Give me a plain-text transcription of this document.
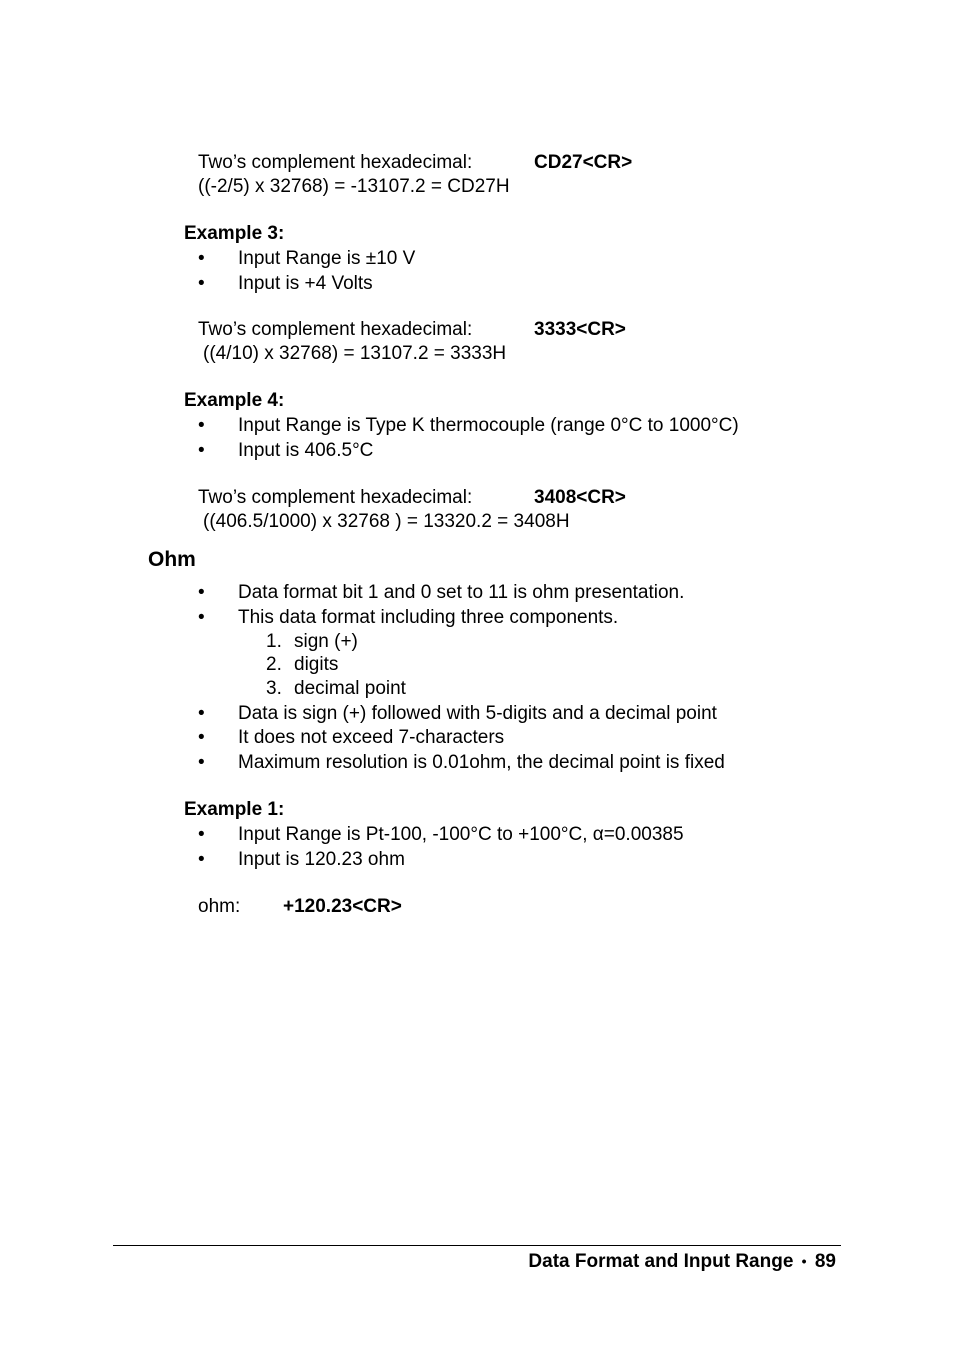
Two’s complement hexadecimal:	CD27<CR>
((-2/5) x 32768) = -13107.2 = CD27H
Example 3:
• Input Range is ±10 V
• Input is +4 Volts
Two’s complement hexadecimal:	3333<CR>
((4/10) x 32768) = 13107.2 = 3333H
Example 4:
• Input Range is Type K thermocouple (range 0°C to 1000°C)
• Input is 406.5°C
Two’s complement hexadecimal:	3408<CR>
((406.5/1000) x 32768 ) = 13320.2 = 3408H
Ohm
• Data format bit 1 and 0 set to 11 is ohm presentation.
• This data format including three components.
1. sign (+)
2. digits
3. decimal point
• Data is sign (+) followed with 5-digits and a decimal point
• It does not exceed 7-characters
• Maximum resolution is 0.01ohm, the decimal point is fixed
Example 1:
• Input Range is Pt-100, -100°C to +100°C, α=0.00385
• Input is 120.23 ohm
ohm: +120.23<CR>
Data Format and Input Range • 89
